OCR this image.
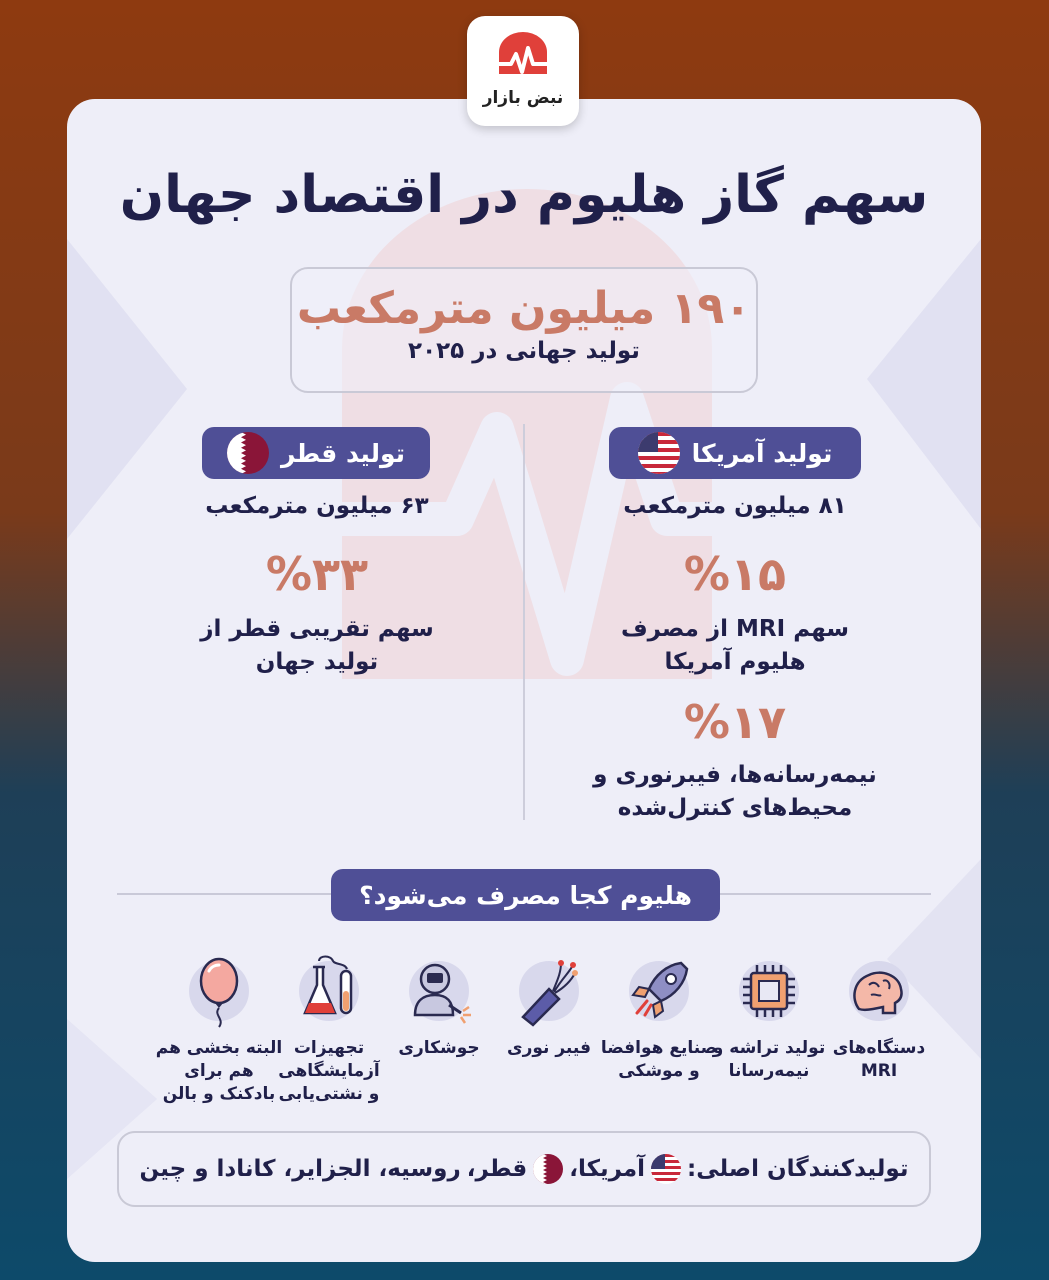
نبض بازار
سهم گاز هلیوم در اقتصاد جهان
۱۹۰ میلیون مترمکعب
تولید جهانی در ۲۰۲۵
تولید آمریکا
۸۱ میلیون مترمکعب
%۱۵
سهم MRI از مصرف
هلیوم آمریکا
%۱۷
نیمه‌رسانه‌ها، فیبرنوری و
محیط‌های کنترل‌شده
تولید قطر
۶۳ میلیون مترمکعب
%۳۳
سهم تقریبی قطر از
تولید جهان
هلیوم کجا مصرف می‌شود؟
دستگاه‌های
MRI
تولید تراشه و
نیمه‌رسانا
صنایع هوافضا
و موشکی
فیبر نوری
جوشکاری
تجهیزات
آزمایشگاهی
و نشتی‌یابی
البته بخشی هم
هم برای
بادکنک و بالن
تولیدکنندگان اصلی:
آمریکا،
قطر،
روسیه، الجزایر، کانادا و چین
